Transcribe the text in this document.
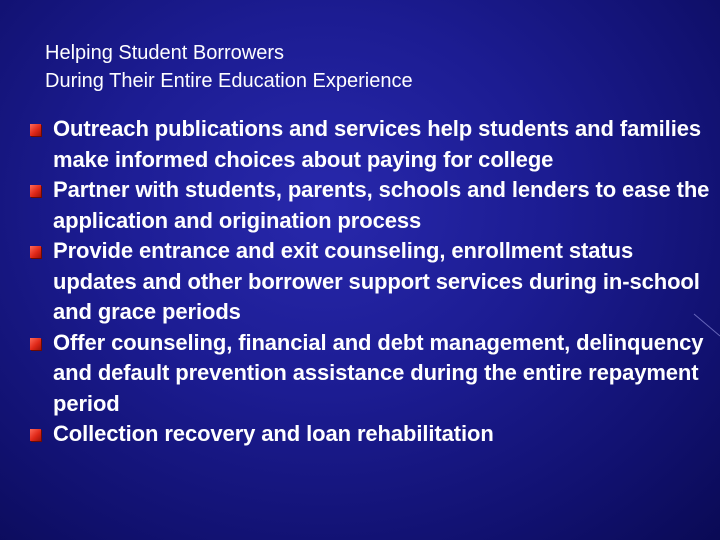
Helping Student Borrowers
During Their Entire Education Experience
Outreach publications and services help students and families make informed choices about paying for college
Partner with students, parents, schools and lenders to ease the application and origination process
Provide entrance and exit counseling, enrollment status updates and other borrower support services during in-school and grace periods
Offer counseling, financial and debt management, delinquency and default prevention assistance during the entire repayment period
Collection recovery and loan rehabilitation
